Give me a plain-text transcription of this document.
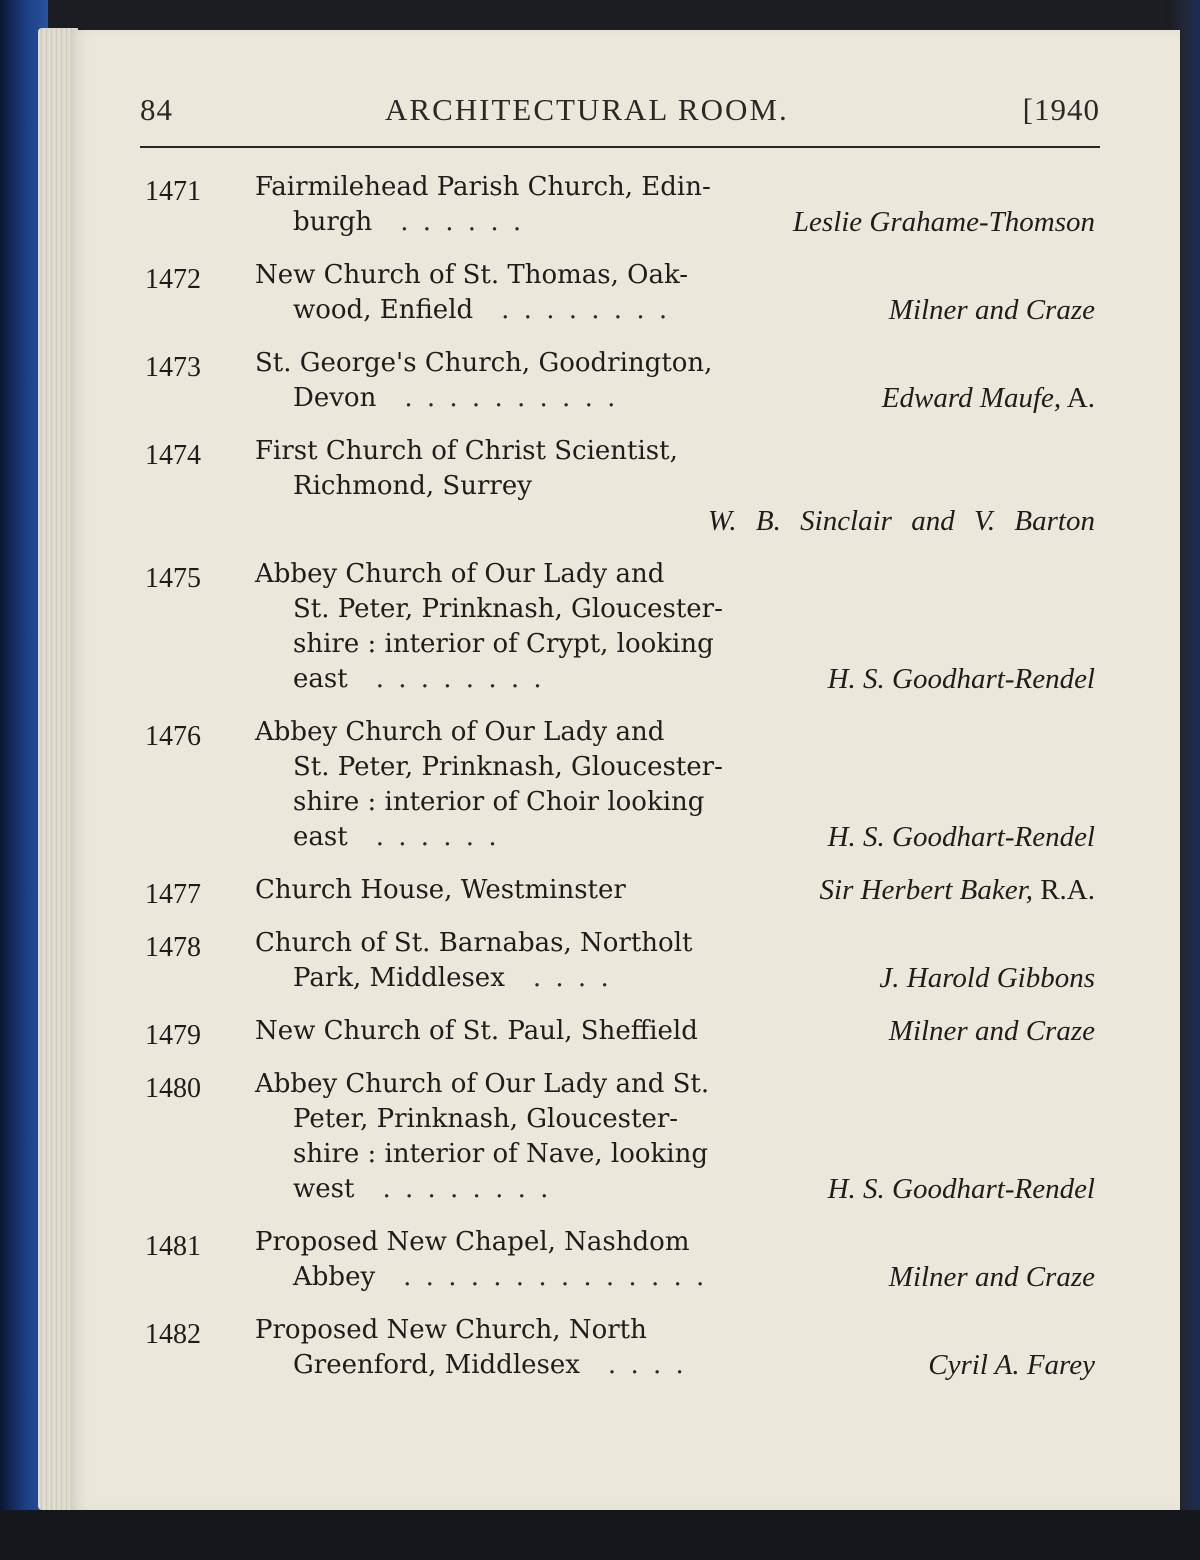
84	ARCHITECTURAL ROOM.	[1940
1471	Fairmilehead Parish Church, Edin-
burgh . . . . . .	Leslie Grahame-Thomson
1472	New Church of St. Thomas, Oak-
wood, Enfield . . . . . . . .	Milner and Craze
1473	St. George's Church, Goodrington,
Devon . . . . . . . . . .	Edward Maufe, A.
1474	First Church of Christ Scientist,
Richmond, Surrey
W. B. Sinclair and V. Barton
1475	Abbey Church of Our Lady and
St. Peter, Prinknash, Gloucester-
shire : interior of Crypt, looking
east . . . . . . . .	H. S. Goodhart-Rendel
1476	Abbey Church of Our Lady and
St. Peter, Prinknash, Gloucester-
shire : interior of Choir looking
east . . . . . .	H. S. Goodhart-Rendel
1477	Church House, Westminster	Sir Herbert Baker, R.A.
1478	Church of St. Barnabas, Northolt
Park, Middlesex . . . .	J. Harold Gibbons
1479	New Church of St. Paul, Sheffield	Milner and Craze
1480	Abbey Church of Our Lady and St.
Peter, Prinknash, Gloucester-
shire : interior of Nave, looking
west . . . . . . . .	H. S. Goodhart-Rendel
1481	Proposed New Chapel, Nashdom
Abbey . . . . . . . . . . . . . .	Milner and Craze
1482	Proposed New Church, North
Greenford, Middlesex . . . .	Cyril A. Farey
